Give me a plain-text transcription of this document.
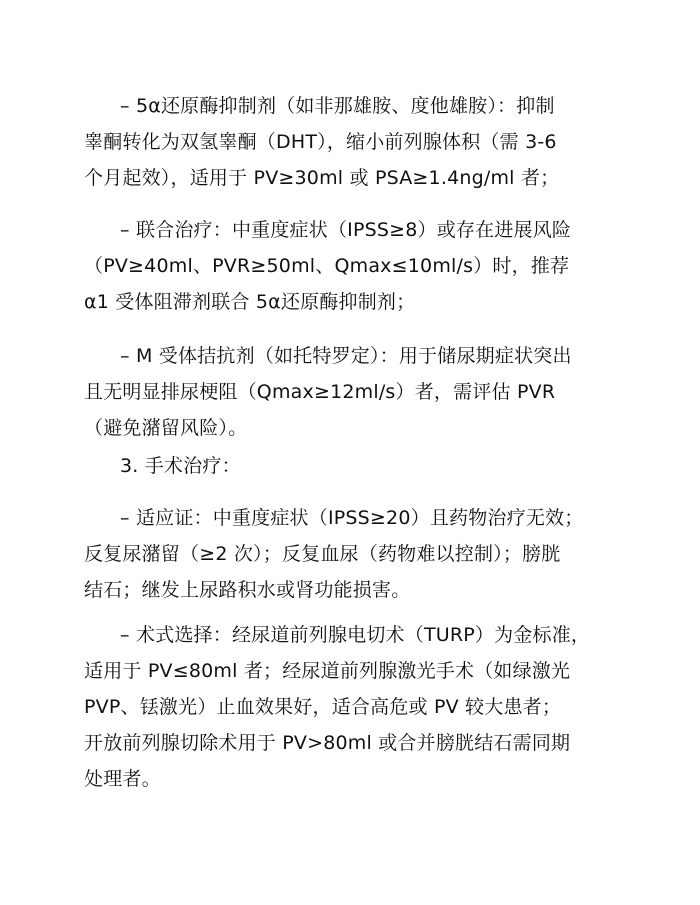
– 5α还原酶抑制剂（如非那雄胺、度他雄胺）：抑制
睾酮转化为双氢睾酮（DHT），缩小前列腺体积（需 3-6
个月起效），适用于 PV≥30ml 或 PSA≥1.4ng/ml 者；
– 联合治疗：中重度症状（IPSS≥8）或存在进展风险
（PV≥40ml、PVR≥50ml、Qmax≤10ml/s）时，推荐
α1 受体阻滞剂联合 5α还原酶抑制剂；
– M 受体拮抗剂（如托特罗定）：用于储尿期症状突出
且无明显排尿梗阻（Qmax≥12ml/s）者，需评估 PVR
（避免潴留风险）。
3. 手术治疗：
– 适应证：中重度症状（IPSS≥20）且药物治疗无效；
反复尿潴留（≥2 次）；反复血尿（药物难以控制）；膀胱
结石；继发上尿路积水或肾功能损害。
– 术式选择：经尿道前列腺电切术（TURP）为金标准，
适用于 PV≤80ml 者；经尿道前列腺激光手术（如绿激光
PVP、铥激光）止血效果好，适合高危或 PV 较大患者；
开放前列腺切除术用于 PV>80ml 或合并膀胱结石需同期
处理者。
